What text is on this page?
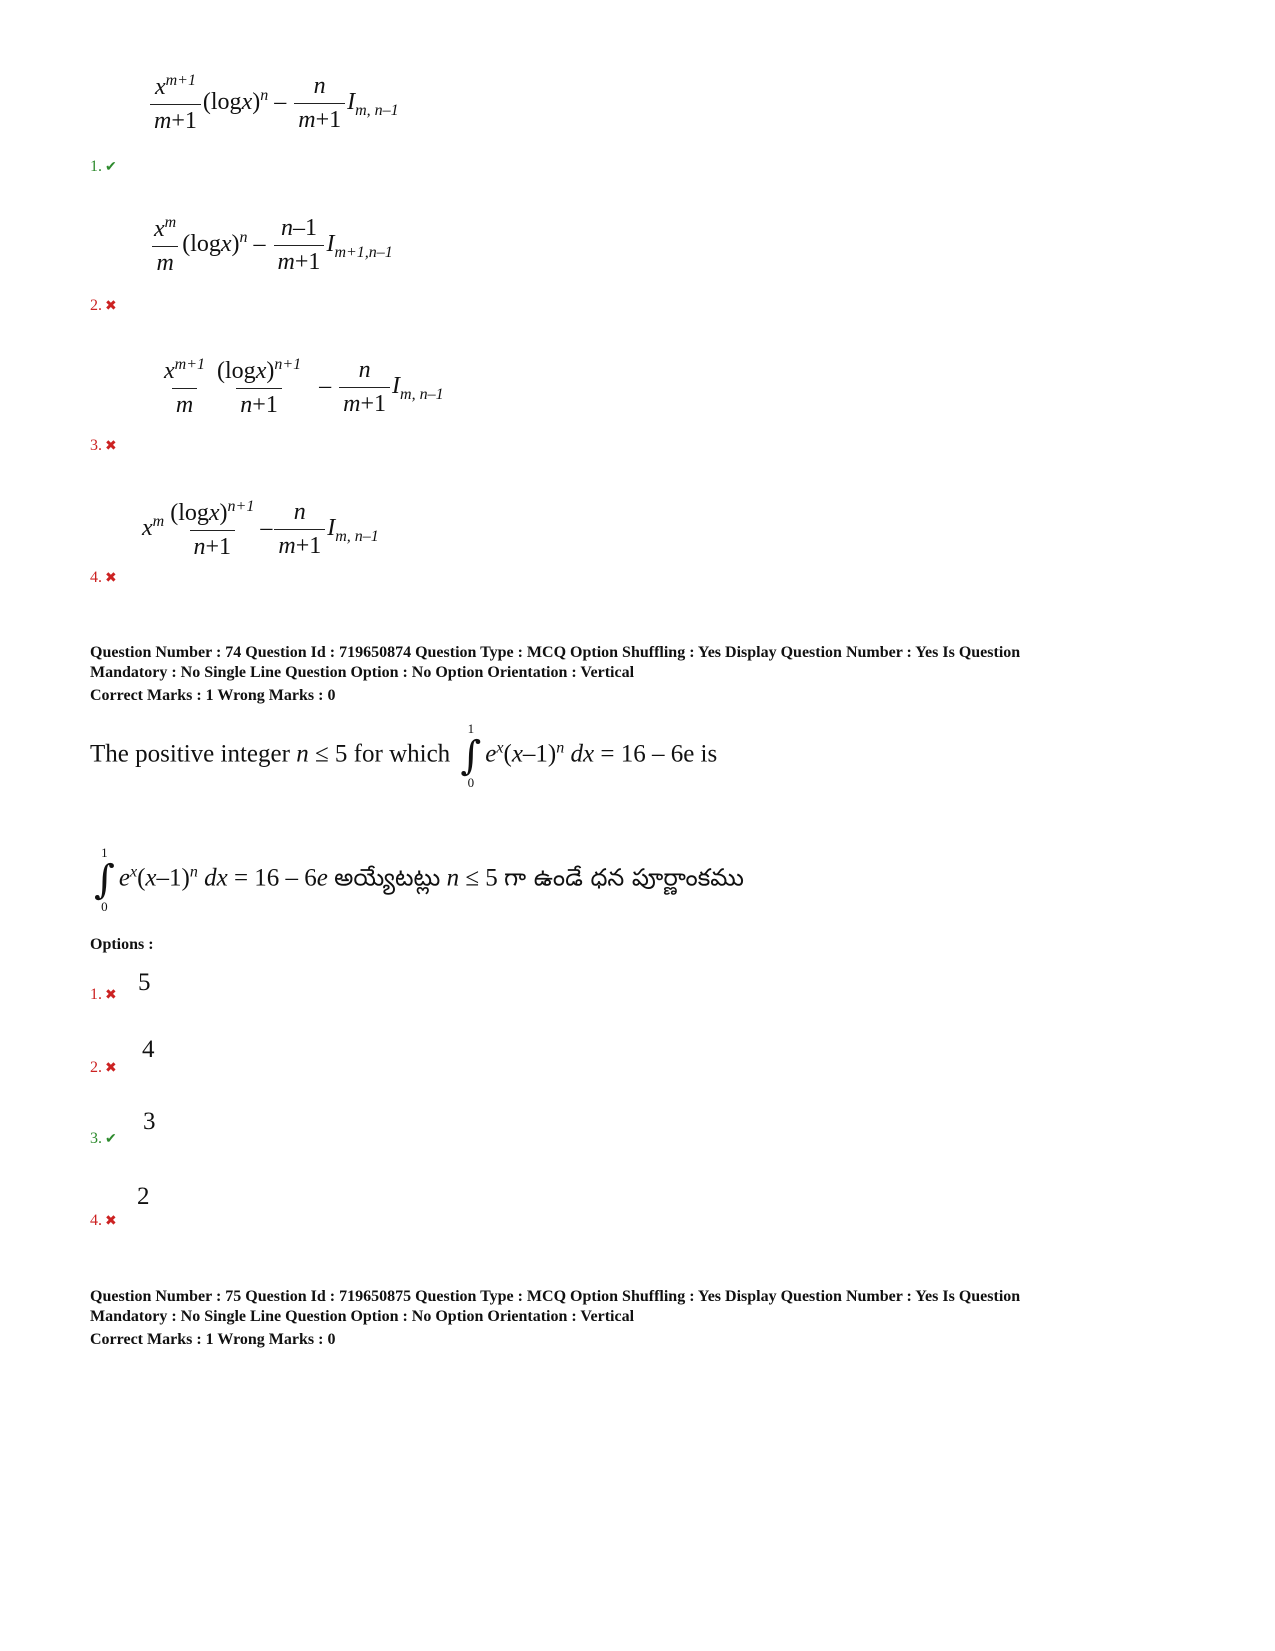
$\frac{x^{m+1}}{m+1} (\log x)^n - \frac{n}{m+1} I_{m, n-1}$
1. ✔
$\frac{x^m}{m} (\log x)^n - \frac{n-1}{m+1} I_{m+1,n-1}$
2. ✖
$\frac{x^{m+1}}{m} \frac{(\log x)^{n+1}}{n+1} - \frac{n}{m+1} I_{m, n-1}$
3. ✖
$x^m \frac{(\log x)^{n+1}}{n+1} - \frac{n}{m+1} I_{m, n-1}$
4. ✖
Question Number : 74 Question Id : 719650874 Question Type : MCQ Option Shuffling : Yes Display Question Number : Yes Is Question
Mandatory : No Single Line Question Option : No Option Orientation : Vertical
Correct Marks : 1 Wrong Marks : 0
The positive integer n ≤ 5 for which
1
∫
0
$e^x(x-1)^n$ dx = 16 – 6e is
1
∫
0
$e^x(x-1)^n$ dx = 16 – 6e అయ్యేటట్లు n ≤ 5 గా ఉండే ధన పూర్ణాంకము
Options :
1. ✖ 5
2. ✖
4
3. ✔
3
4. ✖
2
Question Number : 75 Question Id : 719650875 Question Type : MCQ Option Shuffling : Yes Display Question Number : Yes Is Question
Mandatory : No Single Line Question Option : No Option Orientation : Vertical
Correct Marks : 1 Wrong Marks : 0
